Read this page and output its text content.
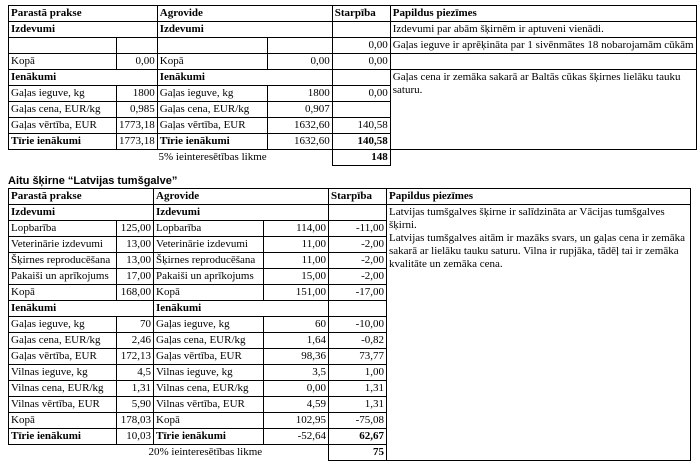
Parastā prakse		Agrovide		Starpība	Papildus piezīmes
Izdevumi		Izdevumi			Izdevumi par abām šķirnēm ir aptuveni vienādi.
				0,00	Gaļas ieguve ir aprēķināta par 1 sivēnmātes 18 nobarojamām cūkām
Kopā	0,00	Kopā	0,00	0,00	
Ienākumi		Ienākumi			Gaļas cena ir zemāka sakarā ar Baltās cūkas šķirnes lielāku tauku saturu.
Gaļas ieguve, kg	1800	Gaļas ieguve, kg	1800	0,00	
Gaļas cena, EUR/kg	0,985	Gaļas cena, EUR/kg	0,907		
Gaļas vērtība, EUR	1773,18	Gaļas vērtība, EUR	1632,60	140,58	
Tīrie ienākumi	1773,18	Tīrie ienākumi	1632,60	140,58	
5% ieinteresētības likme				148	
Aitu šķirne “Latvijas tumšgalve”
Parastā prakse		Agrovide		Starpība	Papildus piezīmes	
Izdevumi		Izdevumi			Latvijas tumšgalves šķirne ir salīdzināta ar Vācijas tumšgalves šķirni.
Latvijas tumšgalves aitām ir mazāks svars, un gaļas cena ir zemāka sakarā ar lielāku tauku saturu. Vilna ir rupjāka, tādēļ tai ir zemāka kvalitāte un zemāka cena.	

Lopbarība	125,00	Lopbarība	114,00	-11,00		
Veterinārie izdevumi	13,00	Veterinārie izdevumi	11,00	-2,00		
Šķirnes reproducēšana	13,00	Šķirnes reproducēšana	11,00	-2,00		
Pakaiši un aprīkojums	17,00	Pakaiši un aprīkojums	15,00	-2,00		
Kopā	168,00	Kopā	151,00	-17,00		
Ienākumi		Ienākumi				
Gaļas ieguve, kg	70	Gaļas ieguve, kg	60	-10,00		
Gaļas cena, EUR/kg	2,46	Gaļas cena, EUR/kg	1,64	-0,82		
Gaļas vērtība, EUR	172,13	Gaļas vērtība, EUR	98,36	73,77		
Vilnas ieguve, kg	4,5	Vilnas ieguve, kg	3,5	1,00		
Vilnas cena, EUR/kg	1,31	Vilnas cena, EUR/kg	0,00	1,31		
Vilnas vērtība, EUR	5,90	Vilnas vērtība, EUR	4,59	1,31		
Kopā	178,03	Kopā	102,95	-75,08		
Tīrie ienākumi	10,03	Tīrie ienākumi	-52,64	62,67		
20% ieinteresētības likme				75		
